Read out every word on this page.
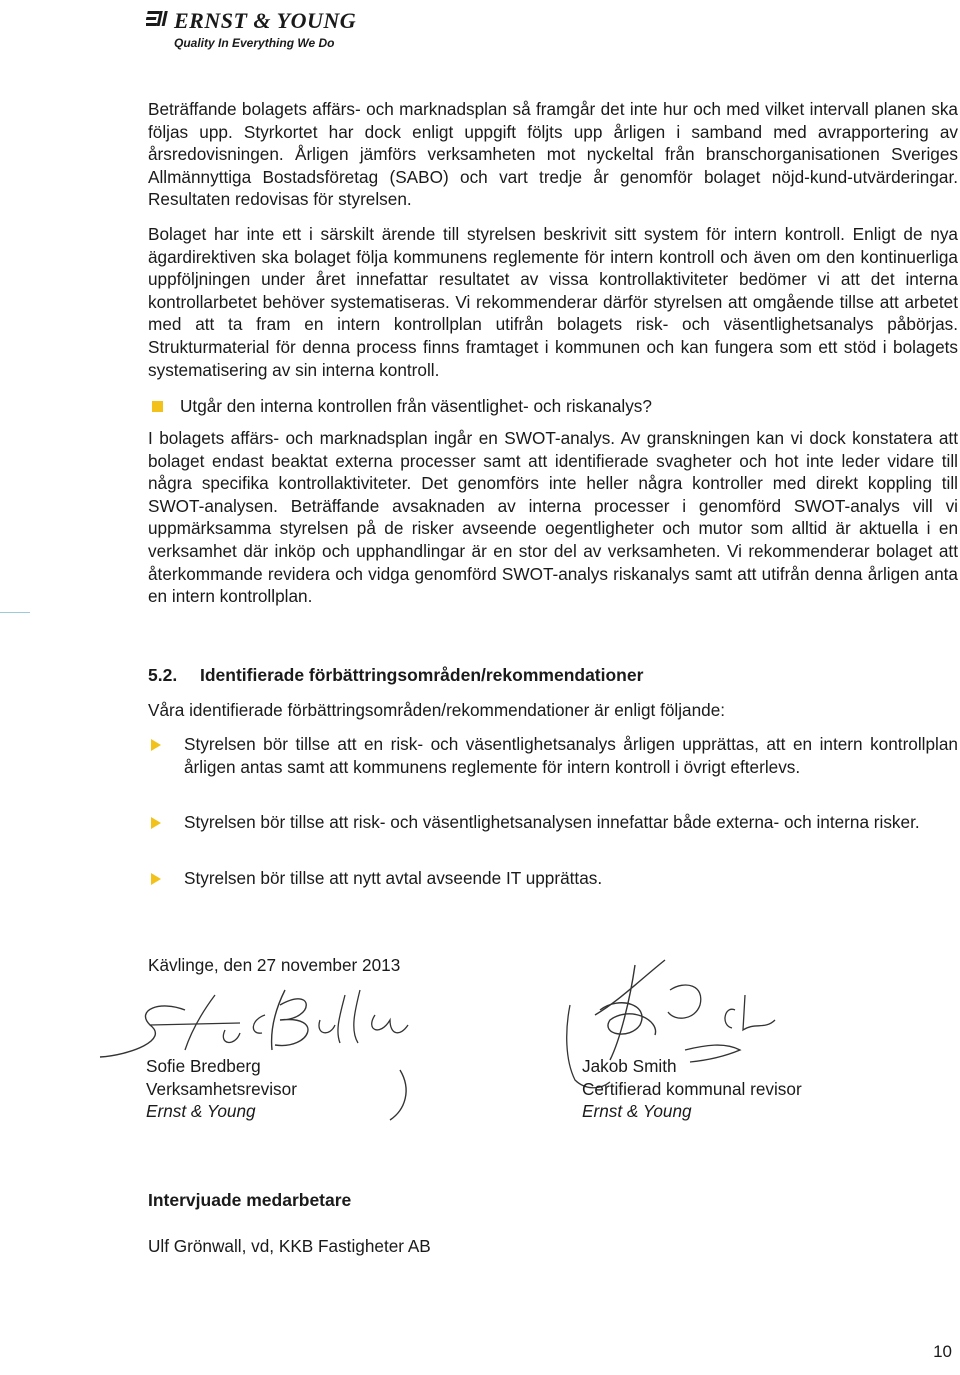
ERNST & YOUNG
Quality In Everything We Do

Beträffande bolagets affärs- och marknadsplan så framgår det inte hur och med vilket intervall planen ska följas upp. Styrkortet har dock enligt uppgift följts upp årligen i samband med avrapportering av årsredovisningen. Årligen jämförs verksamheten mot nyckeltal från branschorganisationen Sveriges Allmännyttiga Bostadsföretag (SABO) och vart tredje år genomför bolaget nöjd-kund-utvärderingar. Resultaten redovisas för styrelsen.

Bolaget har inte ett i särskilt ärende till styrelsen beskrivit sitt system för intern kontroll. Enligt de nya ägardirektiven ska bolaget följa kommunens reglemente för intern kontroll och även om den kontinuerliga uppföljningen under året innefattar resultatet av vissa kontrollaktiviteter bedömer vi att det interna kontrollarbetet behöver systematiseras. Vi rekommenderar därför styrelsen att omgående tillse att arbetet med att ta fram en intern kontrollplan utifrån bolagets risk- och väsentlighetsanalys påbörjas. Strukturmaterial för denna process finns framtaget i kommunen och kan fungera som ett stöd i bolagets systematisering av sin interna kontroll.

Utgår den interna kontrollen från väsentlighet- och riskanalys?

I bolagets affärs- och marknadsplan ingår en SWOT-analys. Av granskningen kan vi dock konstatera att bolaget endast beaktat externa processer samt att identifierade svagheter och hot inte leder vidare till några specifika kontrollaktiviteter. Det genomförs inte heller några kontroller med direkt koppling till SWOT-analysen. Beträffande avsaknaden av interna processer i genomförd SWOT-analys vill vi uppmärksamma styrelsen på de risker avseende oegentligheter och mutor som alltid är aktuella i en verksamhet där inköp och upphandlingar är en stor del av verksamheten. Vi rekommenderar bolaget att återkommande revidera och vidga genomförd SWOT-analys riskanalys samt att utifrån denna årligen anta en intern kontrollplan.

5.2.	Identifierade förbättringsområden/rekommendationer

Våra identifierade förbättringsområden/rekommendationer är enligt följande:

Styrelsen bör tillse att en risk- och väsentlighetsanalys årligen upprättas, att en intern kontrollplan årligen antas samt att kommunens reglemente för intern kontroll i övrigt efterlevs.
Styrelsen bör tillse att risk- och väsentlighetsanalysen innefattar både externa- och interna risker.
Styrelsen bör tillse att nytt avtal avseende IT upprättas.
Kävlinge, den 27 november 2013
Sofie Bredberg
Verksamhetsrevisor
Ernst & Young
Jakob Smith
Certifierad kommunal revisor
Ernst & Young
Intervjuade medarbetare
Ulf Grönwall, vd, KKB Fastigheter AB
10
